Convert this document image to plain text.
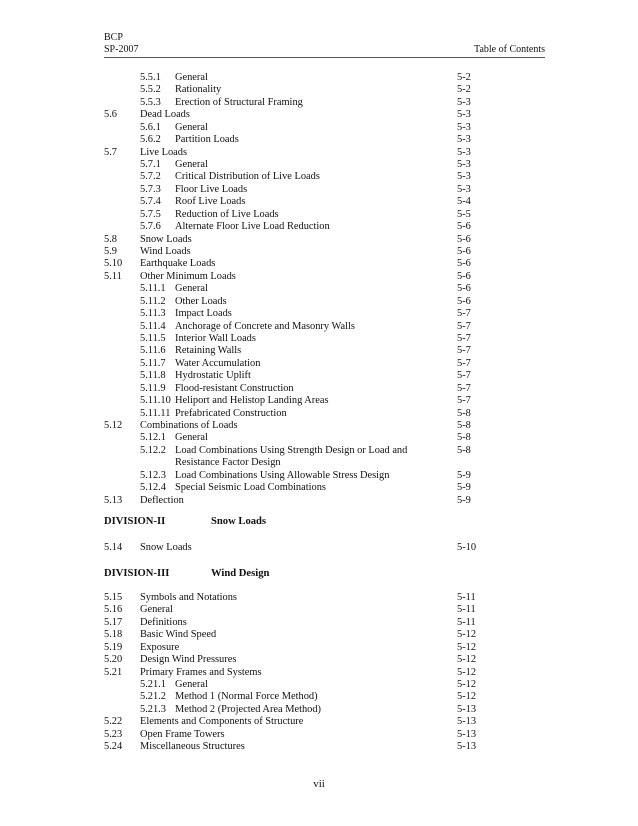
BCP
SP-2007	Table of Contents
5.5.1 General	5-2
5.5.2 Rationality	5-2
5.5.3 Erection of Structural Framing	5-3
5.6 Dead Loads	5-3
5.6.1 General	5-3
5.6.2 Partition Loads	5-3
5.7 Live Loads	5-3
5.7.1 General	5-3
5.7.2 Critical Distribution of Live Loads	5-3
5.7.3 Floor Live Loads	5-3
5.7.4 Roof Live Loads	5-4
5.7.5 Reduction of Live Loads	5-5
5.7.6 Alternate Floor Live Load Reduction	5-6
5.8 Snow Loads	5-6
5.9 Wind Loads	5-6
5.10 Earthquake Loads	5-6
5.11 Other Minimum Loads	5-6
5.11.1 General	5-6
5.11.2 Other Loads	5-6
5.11.3 Impact Loads	5-7
5.11.4 Anchorage of Concrete and Masonry Walls	5-7
5.11.5 Interior Wall Loads	5-7
5.11.6 Retaining Walls	5-7
5.11.7 Water Accumulation	5-7
5.11.8 Hydrostatic Uplift	5-7
5.11.9 Flood-resistant Construction	5-7
5.11.10 Heliport and Helistop Landing Areas	5-7
5.11.11 Prefabricated Construction	5-8
5.12 Combinations of Loads	5-8
5.12.1 General	5-8
5.12.2 Load Combinations Using Strength Design or Load and	5-8
Resistance Factor Design
5.12.3 Load Combinations Using Allowable Stress Design	5-9
5.12.4 Special Seismic Load Combinations	5-9
5.13 Deflection	5-9
DIVISION-II	Snow Loads
5.14 Snow Loads	5-10
DIVISION-III	Wind Design
5.15 Symbols and Notations	5-11
5.16 General	5-11
5.17 Definitions	5-11
5.18 Basic Wind Speed	5-12
5.19 Exposure	5-12
5.20 Design Wind Pressures	5-12
5.21 Primary Frames and Systems	5-12
5.21.1 General	5-12
5.21.2 Method 1 (Normal Force Method)	5-12
5.21.3 Method 2 (Projected Area Method)	5-13
5.22 Elements and Components of Structure	5-13
5.23 Open Frame Towers	5-13
5.24 Miscellaneous Structures	5-13
vii
